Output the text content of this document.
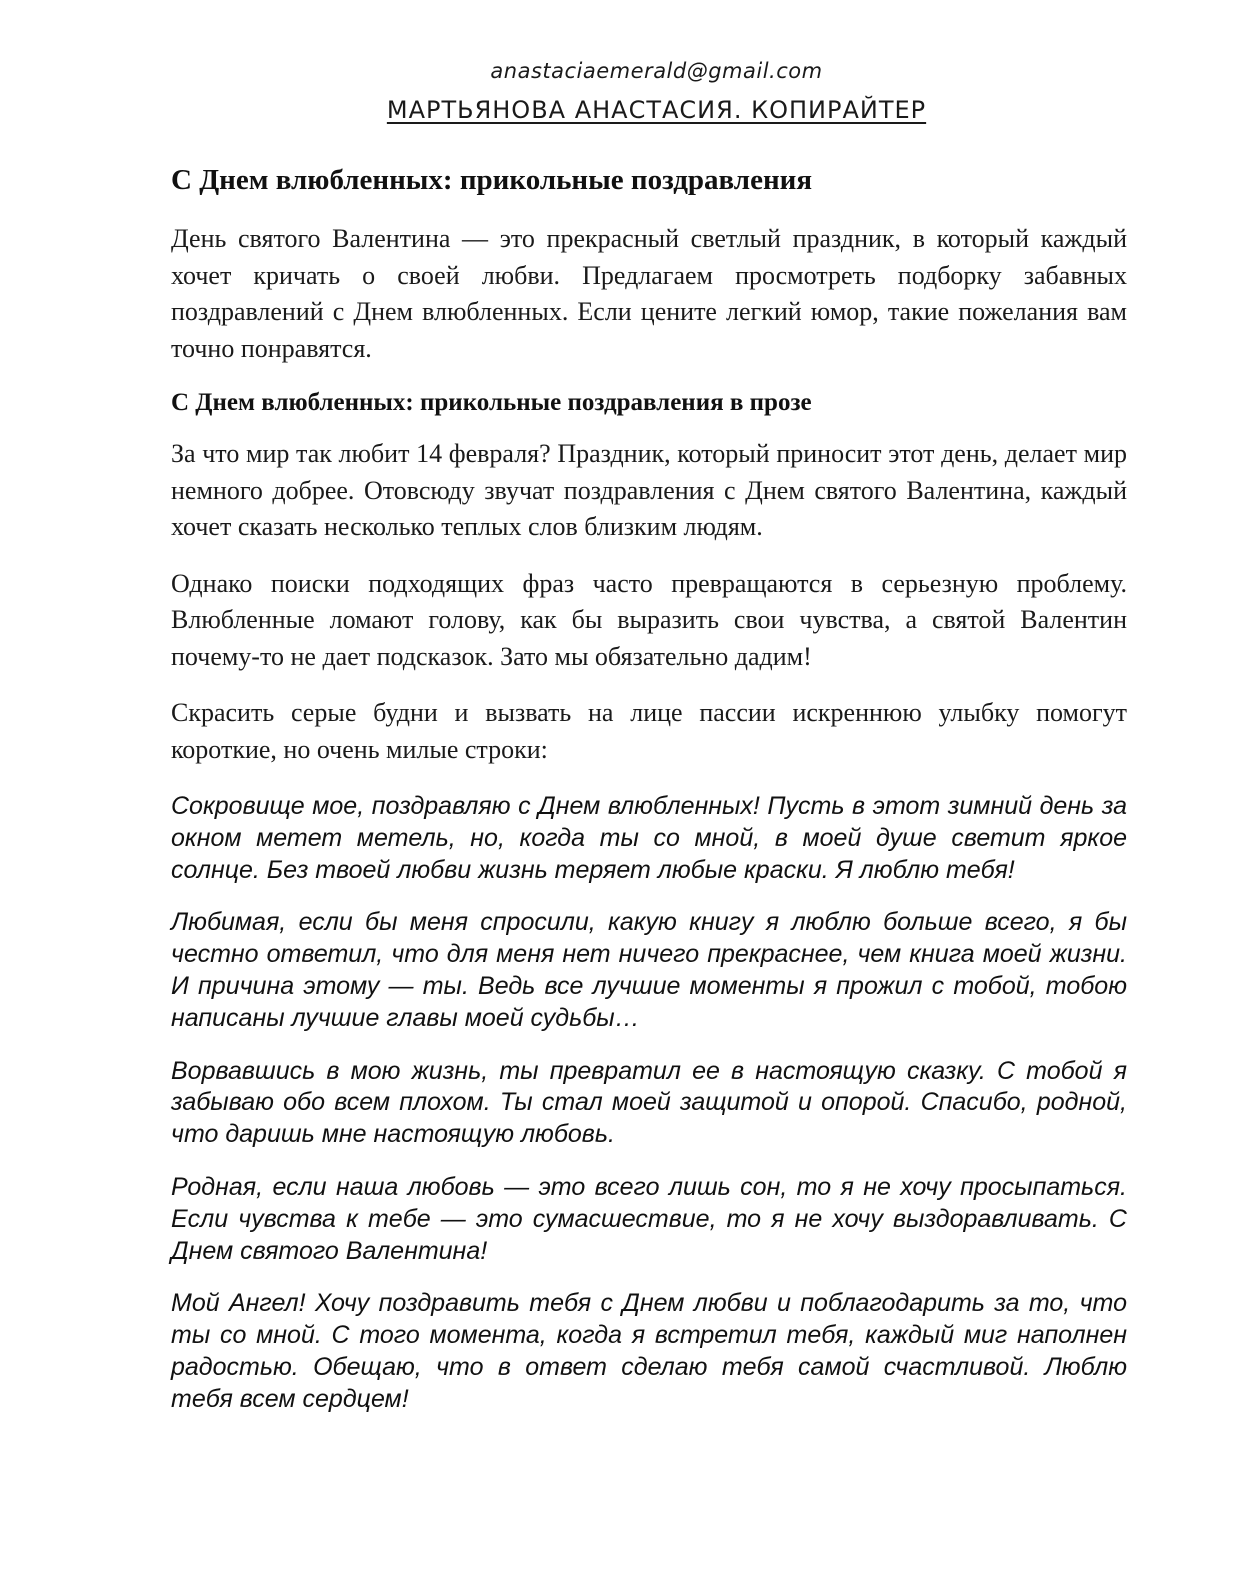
anastaciaemerald@gmail.com
МАРТЬЯНОВА АНАСТАСИЯ. КОПИРАЙТЕР
С Днем влюбленных: прикольные поздравления

День святого Валентина — это прекрасный светлый праздник, в который каждый хочет кричать о своей любви. Предлагаем просмотреть подборку забавных поздравлений с Днем влюбленных. Если цените легкий юмор, такие пожелания вам точно понравятся.

С Днем влюбленных: прикольные поздравления в прозе

За что мир так любит 14 февраля? Праздник, который приносит этот день, делает мир немного добрее. Отовсюду звучат поздравления с Днем святого Валентина, каждый хочет сказать несколько теплых слов близким людям.

Однако поиски подходящих фраз часто превращаются в серьезную проблему. Влюбленные ломают голову, как бы выразить свои чувства, а святой Валентин почему-то не дает подсказок. Зато мы обязательно дадим!

Скрасить серые будни и вызвать на лице пассии искреннюю улыбку помогут короткие, но очень милые строки:

Сокровище мое, поздравляю с Днем влюбленных! Пусть в этот зимний день за окном метет метель, но, когда ты со мной, в моей душе светит яркое солнце. Без твоей любви жизнь теряет любые краски. Я люблю тебя!

Любимая, если бы меня спросили, какую книгу я люблю больше всего, я бы честно ответил, что для меня нет ничего прекраснее, чем книга моей жизни. И причина этому — ты. Ведь все лучшие моменты я прожил с тобой, тобою написаны лучшие главы моей судьбы…

Ворвавшись в мою жизнь, ты превратил ее в настоящую сказку. С тобой я забываю обо всем плохом. Ты стал моей защитой и опорой. Спасибо, родной, что даришь мне настоящую любовь.

Родная, если наша любовь — это всего лишь сон, то я не хочу просыпаться. Если чувства к тебе — это сумасшествие, то я не хочу выздоравливать. С Днем святого Валентина!

Мой Ангел! Хочу поздравить тебя с Днем любви и поблагодарить за то, что ты со мной. С того момента, когда я встретил тебя, каждый миг наполнен радостью. Обещаю, что в ответ сделаю тебя самой счастливой. Люблю тебя всем сердцем!
